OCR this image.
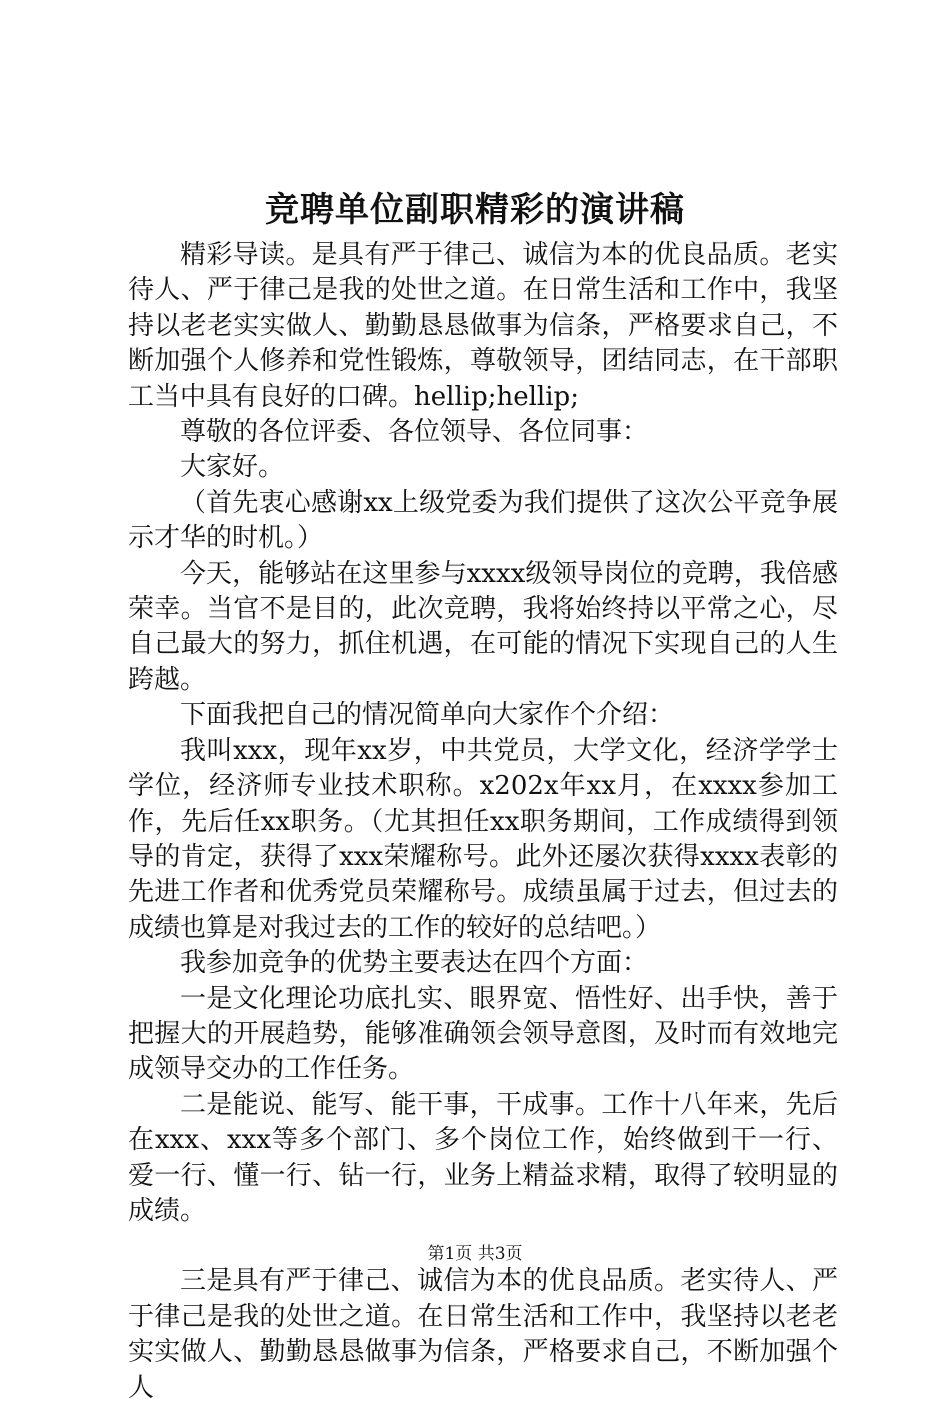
竞聘单位副职精彩的演讲稿

精彩导读。是具有严于律己、诚信为本的优良品质。老实待人、严于律己是我的处世之道。在日常生活和工作中，我坚持以老老实实做人、勤勤恳恳做事为信条，严格要求自己，不断加强个人修养和党性锻炼，尊敬领导，团结同志，在干部职工当中具有良好的口碑。hellip;hellip;

尊敬的各位评委、各位领导、各位同事：

大家好。

（首先衷心感谢xx上级党委为我们提供了这次公平竞争展示才华的时机。）

今天，能够站在这里参与xxxx级领导岗位的竞聘，我倍感荣幸。当官不是目的，此次竞聘，我将始终持以平常之心，尽自己最大的努力，抓住机遇，在可能的情况下实现自己的人生跨越。

下面我把自己的情况简单向大家作个介绍：

我叫xxx，现年xx岁，中共党员，大学文化，经济学学士学位，经济师专业技术职称。x202x年xx月，在xxxx参加工作，先后任xx职务。（尤其担任xx职务期间，工作成绩得到领导的肯定，获得了xxx荣耀称号。此外还屡次获得xxxx表彰的先进工作者和优秀党员荣耀称号。成绩虽属于过去，但过去的成绩也算是对我过去的工作的较好的总结吧。）

我参加竞争的优势主要表达在四个方面：

一是文化理论功底扎实、眼界宽、悟性好、出手快，善于把握大的开展趋势，能够准确领会领导意图，及时而有效地完成领导交办的工作任务。

二是能说、能写、能干事，干成事。工作十八年来，先后在xxx、xxx等多个部门、多个岗位工作，始终做到干一行、爱一行、懂一行、钻一行，业务上精益求精，取得了较明显的成绩。

三是具有严于律己、诚信为本的优良品质。老实待人、严于律己是我的处世之道。在日常生活和工作中，我坚持以老老实实做人、勤勤恳恳做事为信条，严格要求自己，不断加强个人

第1页 共3页
